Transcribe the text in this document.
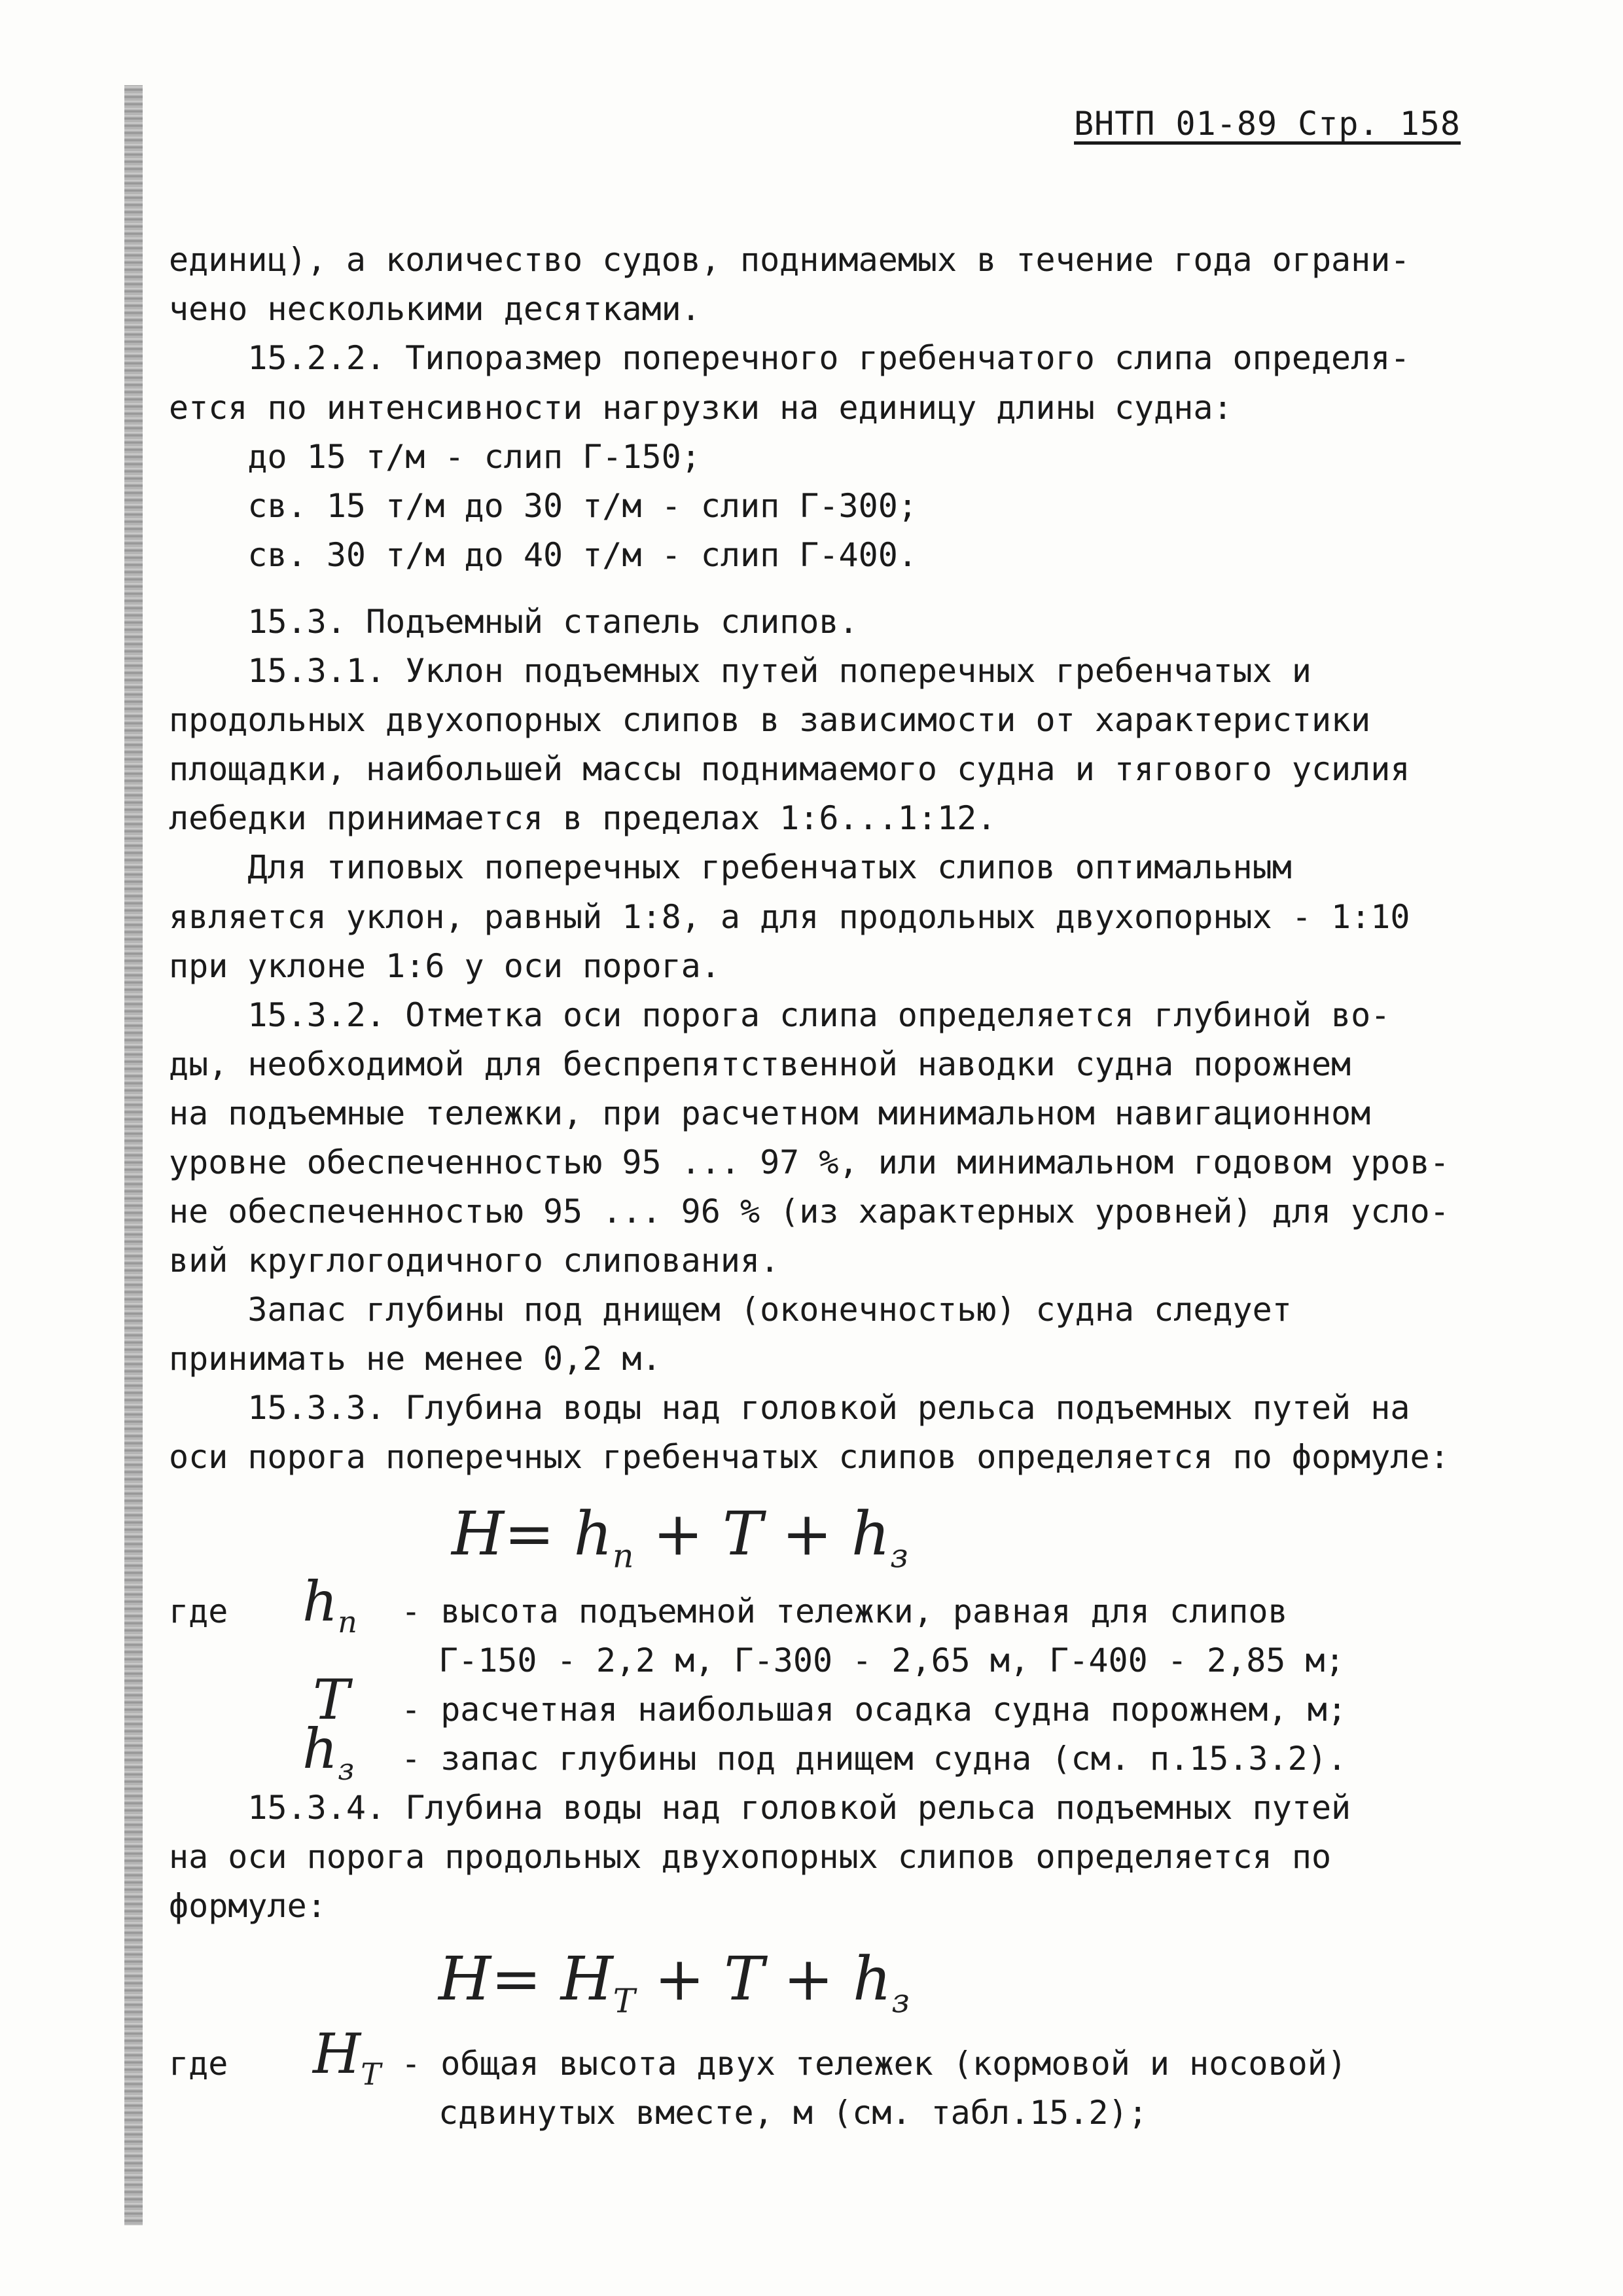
ВНТП 01-89 Стр. 158
единиц), а количество судов, поднимаемых в течение года ограни-
чено несколькими десятками.
15.2.2. Типоразмер поперечного гребенчатого слипа определя-
ется по интенсивности нагрузки на единицу длины судна:
до 15 т/м - слип Г-150;
св. 15 т/м до 30 т/м - слип Г-300;
св. 30 т/м до 40 т/м - слип Г-400.
15.3. Подъемный стапель слипов.
15.3.1. Уклон подъемных путей поперечных гребенчатых и
продольных двухопорных слипов в зависимости от характеристики
площадки, наибольшей массы поднимаемого судна и тягового усилия
лебедки принимается в пределах 1:6...1:12.
Для типовых поперечных гребенчатых слипов оптимальным
является уклон, равный 1:8, а для продольных двухопорных - 1:10
при уклоне 1:6 у оси порога.
15.3.2. Отметка оси порога слипа определяется глубиной во-
ды, необходимой для беспрепятственной наводки судна порожнем
на подъемные тележки, при расчетном минимальном навигационном
уровне обеспеченностью 95 ... 97 %, или минимальном годовом уров-
не обеспеченностью 95 ... 96 % (из характерных уровней) для усло-
вий круглогодичного слипования.
Запас глубины под днищем (оконечностью) судна следует
принимать не менее 0,2 м.
15.3.3. Глубина воды над головкой рельса подъемных путей на
оси порога поперечных гребенчатых слипов определяется по формуле:
$H= h_п + T + h_з$
где $h_п$ - высота подъемной тележки, равная для слипов
Г-150 - 2,2 м, Г-300 - 2,65 м, Г-400 - 2,85 м;
T - расчетная наибольшая осадка судна порожнем, м;
$h_з$ - запас глубины под днищем судна (см. п.15.3.2).
15.3.4. Глубина воды над головкой рельса подъемных путей
на оси порога продольных двухопорных слипов определяется по
формуле:
$H= H_T + T + h_з$
где $H_T$ - общая высота двух тележек (кормовой и носовой)
сдвинутых вместе, м (см. табл.15.2);
